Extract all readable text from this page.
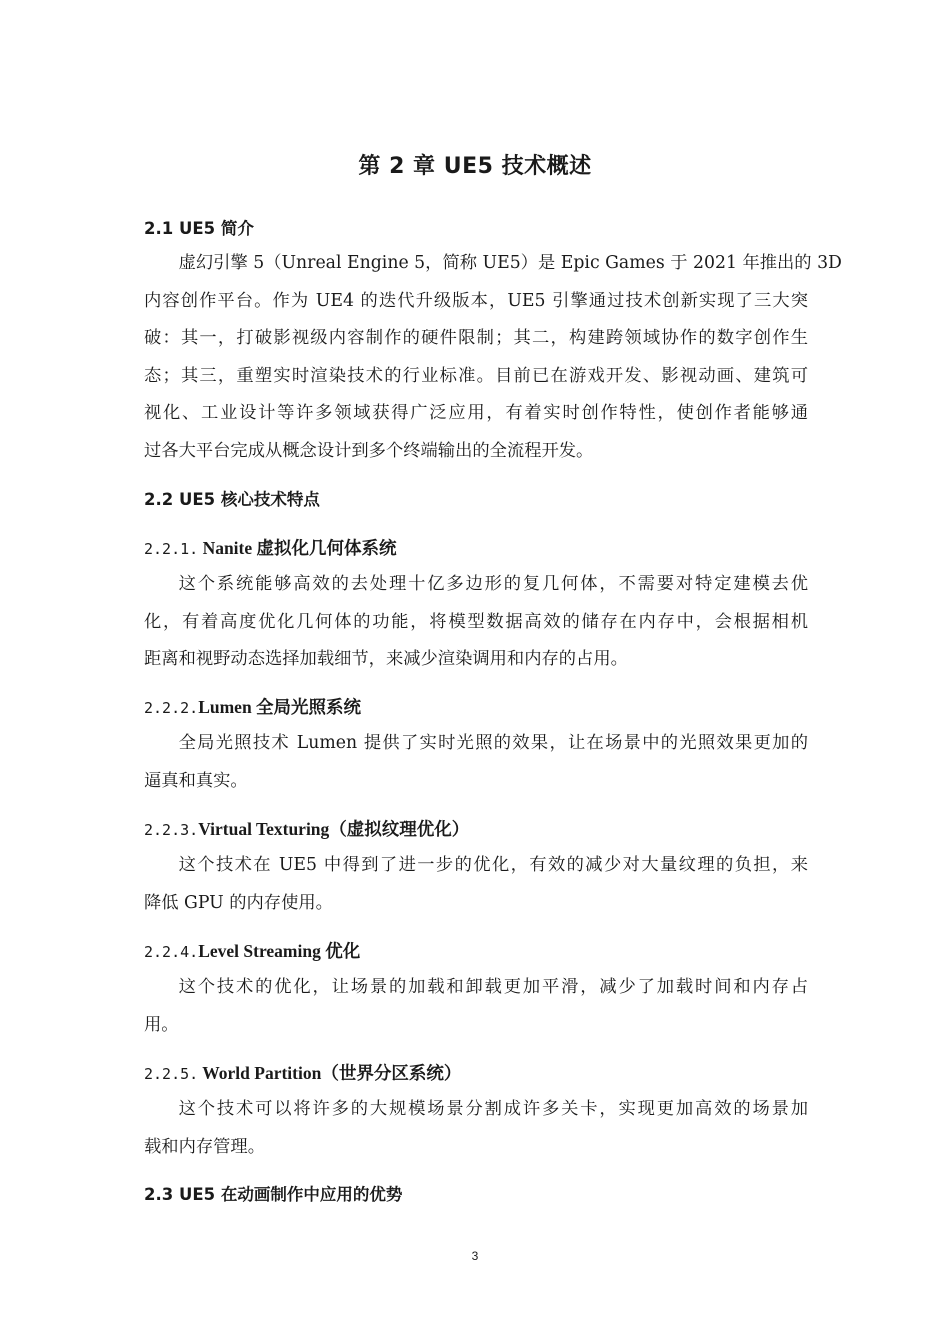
第 2 章 UE5 技术概述
2.1 UE5 简介
虚幻引擎 5（Unreal Engine 5，简称 UE5）是 Epic Games 于 2021 年推出的 3D
内容创作平台。作为 UE4 的迭代升级版本，UE5 引擎通过技术创新实现了三大突
破：其一，打破影视级内容制作的硬件限制；其二，构建跨领域协作的数字创作生
态；其三，重塑实时渲染技术的行业标准。目前已在游戏开发、影视动画、建筑可
视化、工业设计等许多领域获得广泛应用，有着实时创作特性，使创作者能够通
过各大平台完成从概念设计到多个终端输出的全流程开发。
2.2 UE5 核心技术特点
2.2.1. Nanite 虚拟化几何体系统
这个系统能够高效的去处理十亿多边形的复几何体，不需要对特定建模去优
化，有着高度优化几何体的功能，将模型数据高效的储存在内存中，会根据相机
距离和视野动态选择加载细节，来减少渲染调用和内存的占用。
2.2.2.Lumen 全局光照系统
全局光照技术 Lumen 提供了实时光照的效果，让在场景中的光照效果更加的
逼真和真实。
2.2.3.Virtual Texturing（虚拟纹理优化）
这个技术在 UE5 中得到了进一步的优化，有效的减少对大量纹理的负担，来
降低 GPU 的内存使用。
2.2.4.Level Streaming 优化
这个技术的优化，让场景的加载和卸载更加平滑，减少了加载时间和内存占
用。
2.2.5. World Partition（世界分区系统）
这个技术可以将许多的大规模场景分割成许多关卡，实现更加高效的场景加
载和内存管理。
2.3 UE5 在动画制作中应用的优势
3
